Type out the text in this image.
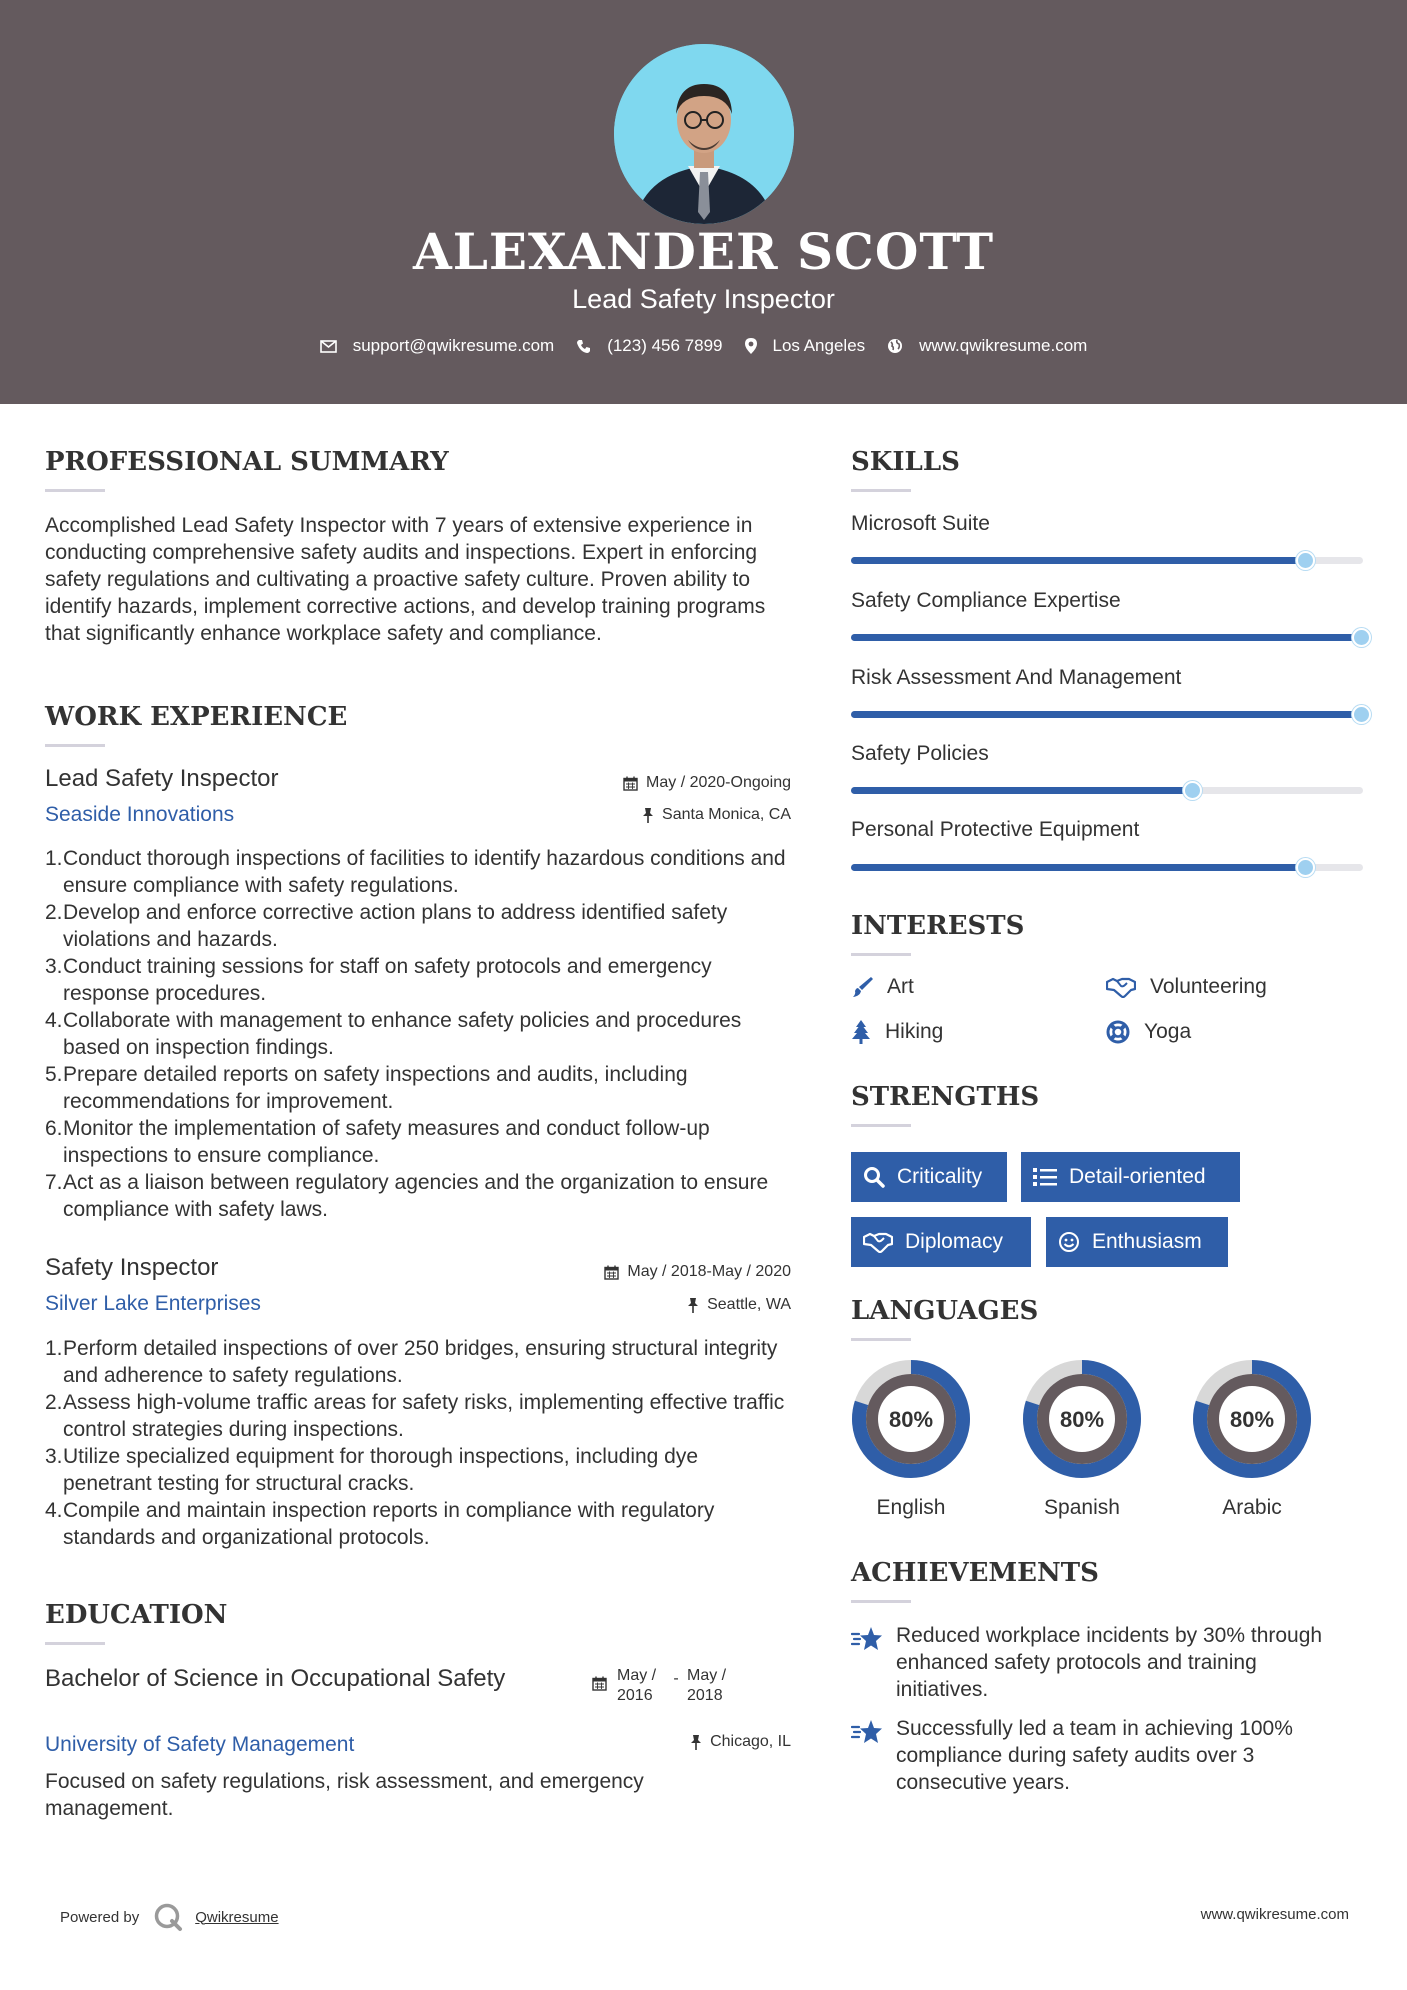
ALEXANDER SCOTT
Lead Safety Inspector
support@qwikresume.com	(123) 456 7899	Los Angeles	www.qwikresume.com
PROFESSIONAL SUMMARY
Accomplished Lead Safety Inspector with 7 years of extensive experience in conducting comprehensive safety audits and inspections. Expert in enforcing safety regulations and cultivating a proactive safety culture. Proven ability to identify hazards, implement corrective actions, and develop training programs that significantly enhance workplace safety and compliance.
WORK EXPERIENCE
Lead Safety Inspector	May / 2020-Ongoing
Seaside Innovations	Santa Monica, CA
1. Conduct thorough inspections of facilities to identify hazardous conditions and ensure compliance with safety regulations.
2. Develop and enforce corrective action plans to address identified safety violations and hazards.
3. Conduct training sessions for staff on safety protocols and emergency response procedures.
4. Collaborate with management to enhance safety policies and procedures based on inspection findings.
5. Prepare detailed reports on safety inspections and audits, including recommendations for improvement.
6. Monitor the implementation of safety measures and conduct follow-up inspections to ensure compliance.
7. Act as a liaison between regulatory agencies and the organization to ensure compliance with safety laws.
Safety Inspector	May / 2018-May / 2020
Silver Lake Enterprises	Seattle, WA
1. Perform detailed inspections of over 250 bridges, ensuring structural integrity and adherence to safety regulations.
2. Assess high-volume traffic areas for safety risks, implementing effective traffic control strategies during inspections.
3. Utilize specialized equipment for thorough inspections, including dye penetrant testing for structural cracks.
4. Compile and maintain inspection reports in compliance with regulatory standards and organizational protocols.
EDUCATION
Bachelor of Science in Occupational Safety	May / 2016
- May / 2018
University of Safety Management	Chicago, IL
Focused on safety regulations, risk assessment, and emergency management.
SKILLS
Microsoft Suite
Safety Compliance Expertise
Risk Assessment And Management
Safety Policies
Personal Protective Equipment
INTERESTS
Art	Volunteering
Hiking	Yoga
STRENGTHS
Criticality	Detail-oriented
Diplomacy	Enthusiasm
LANGUAGES
80%
English
80%
Spanish
80%
Arabic
ACHIEVEMENTS
Reduced workplace incidents by 30% through enhanced safety protocols and training initiatives.
Successfully led a team in achieving 100% compliance during safety audits over 3 consecutive years.
Powered by	Qwikresume	www.qwikresume.com
